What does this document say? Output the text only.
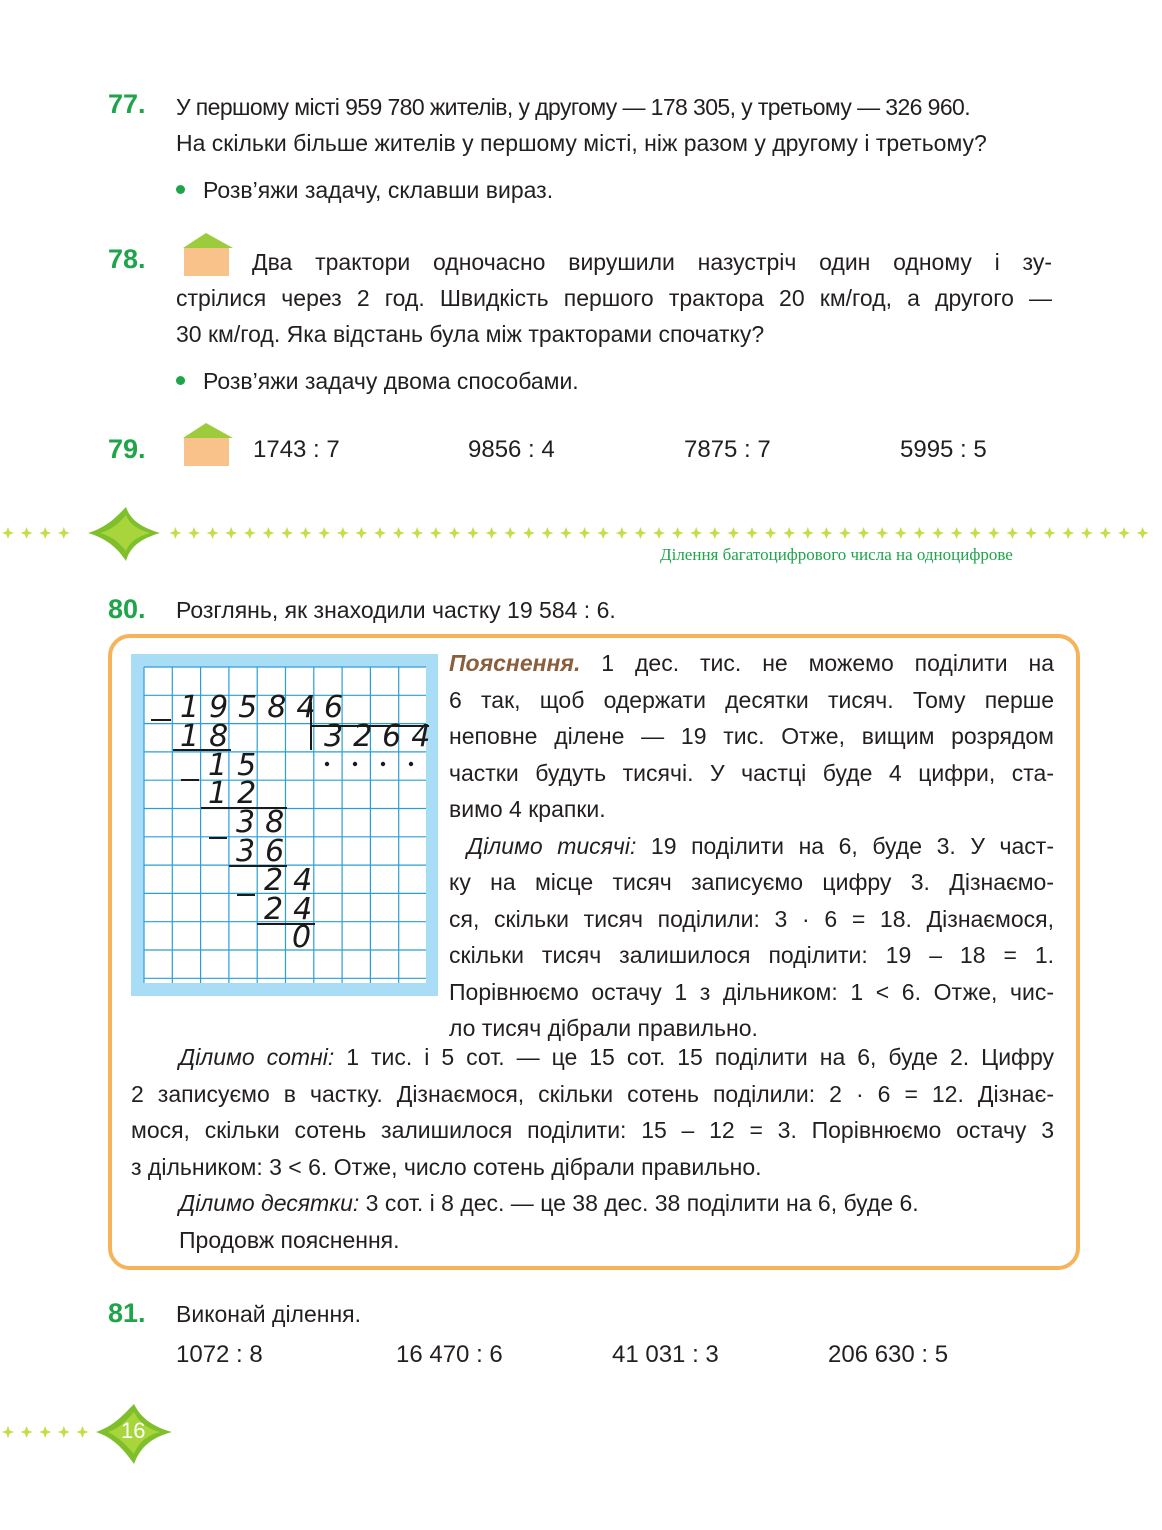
77. У першому місті 959 780 жителів, у другому — 178 305, у третьому — 326 960.
На скільки більше жителів у першому місті, ніж разом у другому і третьому?
Розв’яжи задачу, склавши вираз.
78.	Два трактори одночасно вирушили назустріч один одному і зу-
стрілися через 2 год. Швидкість першого трактора 20 км/год, а другого —
30 км/год. Яка відстань була між тракторами спочатку?
Розв’яжи задачу двома способами.
79.	1743 : 7	9856 : 4	7875 : 7	5995 : 5
Ділення багатоцифрового числа на одноцифрове
80. Розглянь, як знаходили частку 19 584 : 6.
19584
6
3264
18
15
12
38
36
24
24
0

Пояснення. 1 дес. тис. не можемо поділити на

6 так, щоб одержати десятки тисяч. Тому перше

неповне ділене — 19 тис. Отже, вищим розрядом

частки будуть тисячі. У частці буде 4 цифри, ста-

вимо 4 крапки.

Ділимо тисячі: 19 поділити на 6, буде 3. У част-

ку на місце тисяч записуємо цифру 3. Дізнаємо-

ся, скільки тисяч поділили: 3 · 6 = 18. Дізнаємося,

скільки тисяч залишилося поділити: 19 – 18 = 1.

Порівнюємо остачу 1 з дільником: 1 < 6. Отже, чис-

ло тисяч дібрали правильно.

Ділимо сотні: 1 тис. і 5 сот. — це 15 сот. 15 поділити на 6, буде 2. Цифру

2 записуємо в частку. Дізнаємося, скільки сотень поділили: 2 · 6 = 12. Дізнає-

мося, скільки сотень залишилося поділити: 15 – 12 = 3. Порівнюємо остачу 3

з дільником: 3 < 6. Отже, число сотень дібрали правильно.

Ділимо десятки: 3 сот. і 8 дес. — це 38 дес. 38 поділити на 6, буде 6.

Продовж пояснення.

81. Виконай ділення.
1072 : 8	16 470 : 6	41 031 : 3	206 630 : 5
16
